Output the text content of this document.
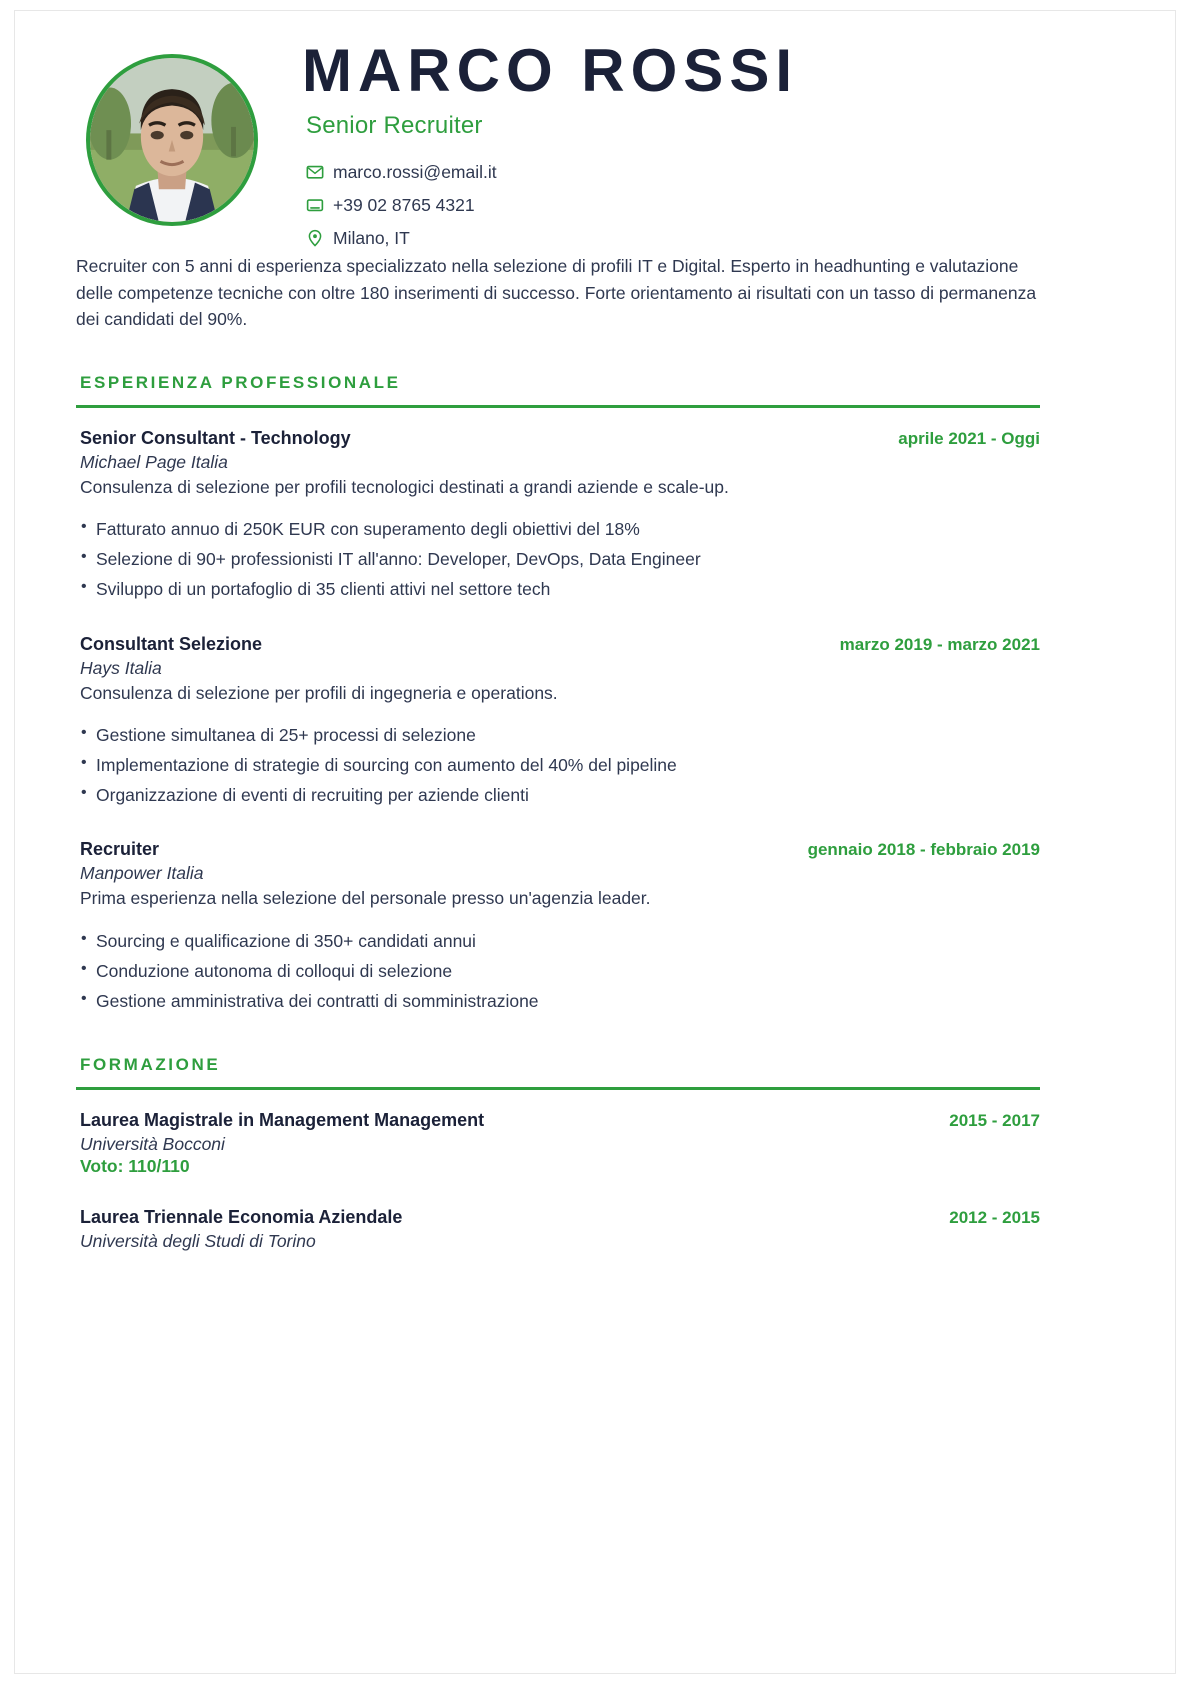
MARCO ROSSI
Senior Recruiter
marco.rossi@email.it
+39 02 8765 4321
Milano, IT
Recruiter con 5 anni di esperienza specializzato nella selezione di profili IT e Digital. Esperto in headhunting e valutazione delle competenze tecniche con oltre 180 inserimenti di successo. Forte orientamento ai risultati con un tasso di permanenza dei candidati del 90%.
ESPERIENZA PROFESSIONALE
Senior Consultant - Technology	aprile 2021 - Oggi
Michael Page Italia
Consulenza di selezione per profili tecnologici destinati a grandi aziende e scale-up.
• Fatturato annuo di 250K EUR con superamento degli obiettivi del 18%
• Selezione di 90+ professionisti IT all'anno: Developer, DevOps, Data Engineer
• Sviluppo di un portafoglio di 35 clienti attivi nel settore tech
Consultant Selezione	marzo 2019 - marzo 2021
Hays Italia
Consulenza di selezione per profili di ingegneria e operations.
• Gestione simultanea di 25+ processi di selezione
• Implementazione di strategie di sourcing con aumento del 40% del pipeline
• Organizzazione di eventi di recruiting per aziende clienti
Recruiter	gennaio 2018 - febbraio 2019
Manpower Italia
Prima esperienza nella selezione del personale presso un'agenzia leader.
• Sourcing e qualificazione di 350+ candidati annui
• Conduzione autonoma di colloqui di selezione
• Gestione amministrativa dei contratti di somministrazione
FORMAZIONE
Laurea Magistrale in Management Management	2015 - 2017
Università Bocconi
Voto: 110/110
Laurea Triennale Economia Aziendale	2012 - 2015
Università degli Studi di Torino
